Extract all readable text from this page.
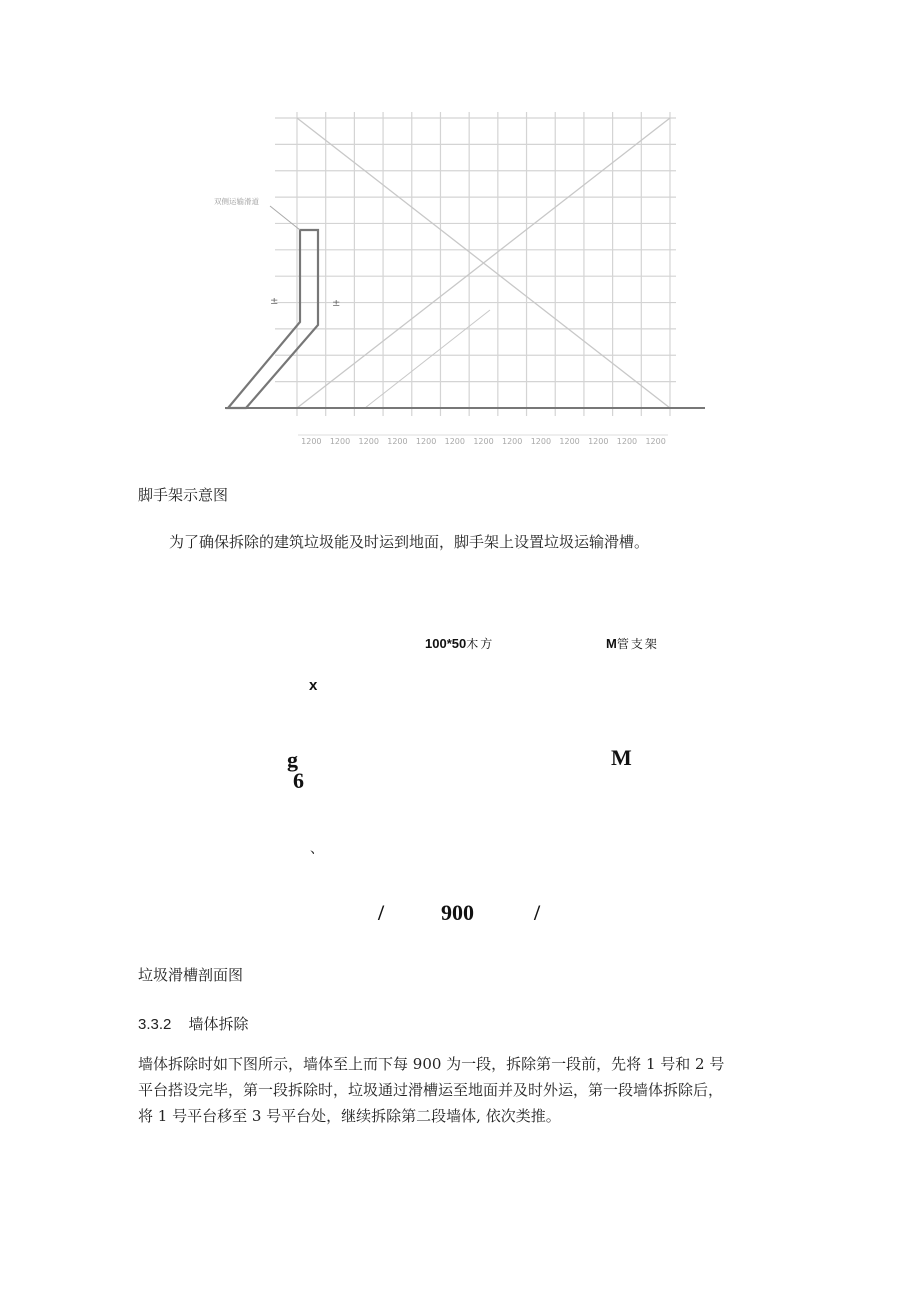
双侧运输滑道
±	±
1200 1200 1200 1200 1200 1200 1200 1200 1200 1200 1200 1200 1200
脚手架示意图
为了确保拆除的建筑垃圾能及时运到地面，脚手架上设置垃圾运输滑槽。
100*50木方	M管支架
x
g
6
M
、
/	900	/
垃圾滑槽剖面图
3.3.2 墙体拆除
墙体拆除时如下图所示，墙体至上而下每 900 为一段，拆除第一段前，先将 1 号和 2 号
平台搭设完毕，第一段拆除时，垃圾通过滑槽运至地面并及时外运，第一段墙体拆除后，
将 1 号平台移至 3 号平台处，继续拆除第二段墙体, 依次类推。
